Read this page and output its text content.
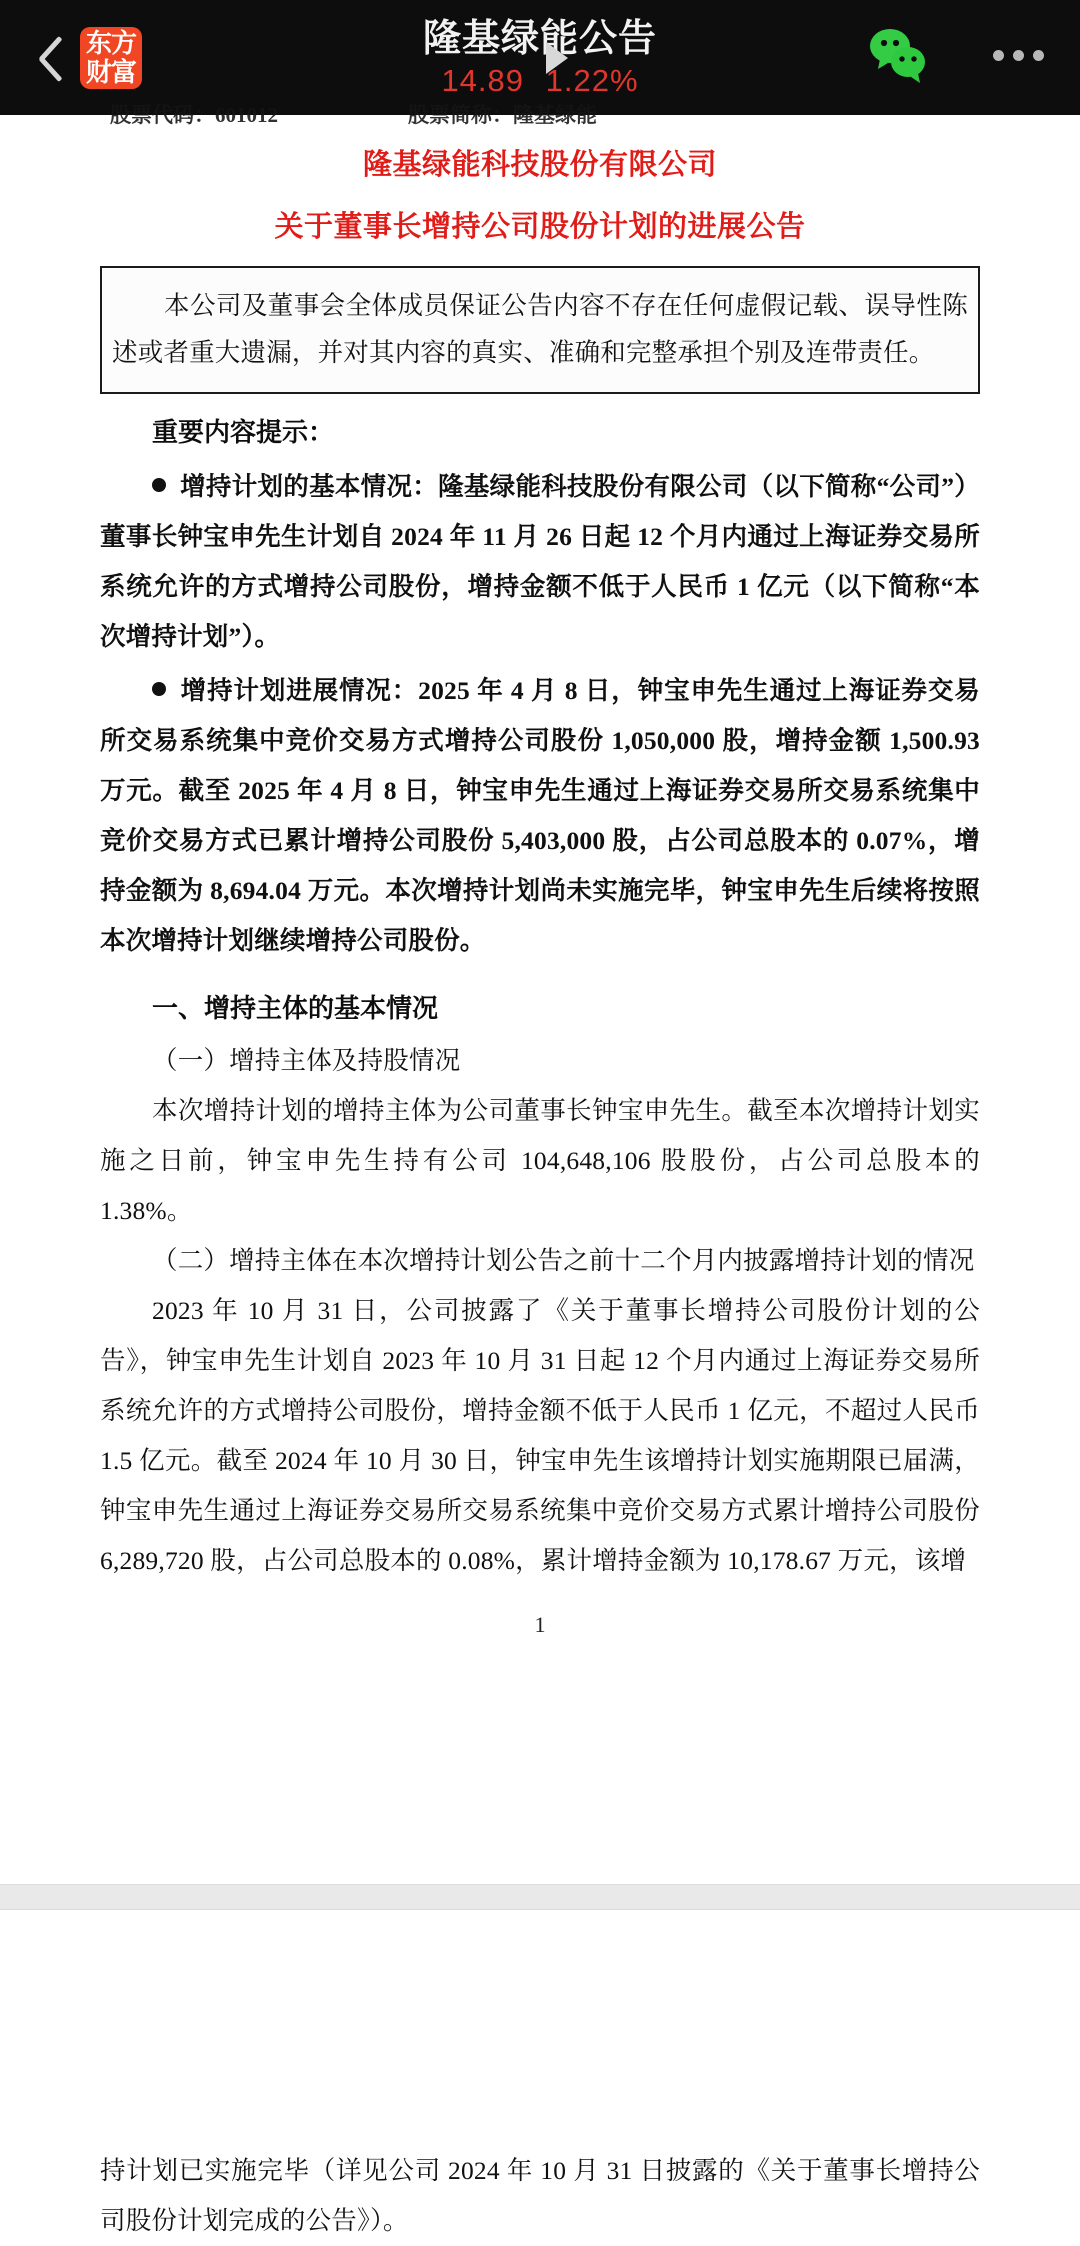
东方
财富
隆基绿能公告
14.89 1.22%
股票代码：601012	股票简称：隆基绿能
隆基绿能科技股份有限公司
关于董事长增持公司股份计划的进展公告

本公司及董事会全体成员保证公告内容不存在任何虚假记载、误导性陈述或者重大遗漏，并对其内容的真实、准确和完整承担个别及连带责任。

重要内容提示：

增持计划的基本情况：隆基绿能科技股份有限公司（以下简称“公司”）董事长钟宝申先生计划自 2024 年 11 月 26 日起 12 个月内通过上海证券交易所系统允许的方式增持公司股份，增持金额不低于人民币 1 亿元（以下简称“本次增持计划”）。

增持计划进展情况：2025 年 4 月 8 日，钟宝申先生通过上海证券交易所交易系统集中竞价交易方式增持公司股份 1,050,000 股，增持金额 1,500.93 万元。截至 2025 年 4 月 8 日，钟宝申先生通过上海证券交易所交易系统集中竞价交易方式已累计增持公司股份 5,403,000 股，占公司总股本的 0.07%，增持金额为 8,694.04 万元。本次增持计划尚未实施完毕，钟宝申先生后续将按照本次增持计划继续增持公司股份。

一、增持主体的基本情况

（一）增持主体及持股情况

本次增持计划的增持主体为公司董事长钟宝申先生。截至本次增持计划实施之日前，钟宝申先生持有公司 104,648,106 股股份，占公司总股本的 1.38%。

（二）增持主体在本次增持计划公告之前十二个月内披露增持计划的情况

2023 年 10 月 31 日，公司披露了《关于董事长增持公司股份计划的公告》，钟宝申先生计划自 2023 年 10 月 31 日起 12 个月内通过上海证券交易所系统允许的方式增持公司股份，增持金额不低于人民币 1 亿元，不超过人民币 1.5 亿元。截至 2024 年 10 月 30 日，钟宝申先生该增持计划实施期限已届满，钟宝申先生通过上海证券交易所交易系统集中竞价交易方式累计增持公司股份 6,289,720 股，占公司总股本的 0.08%，累计增持金额为 10,178.67 万元，该增

1

持计划已实施完毕（详见公司 2024 年 10 月 31 日披露的《关于董事长增持公司股份计划完成的公告》）。
